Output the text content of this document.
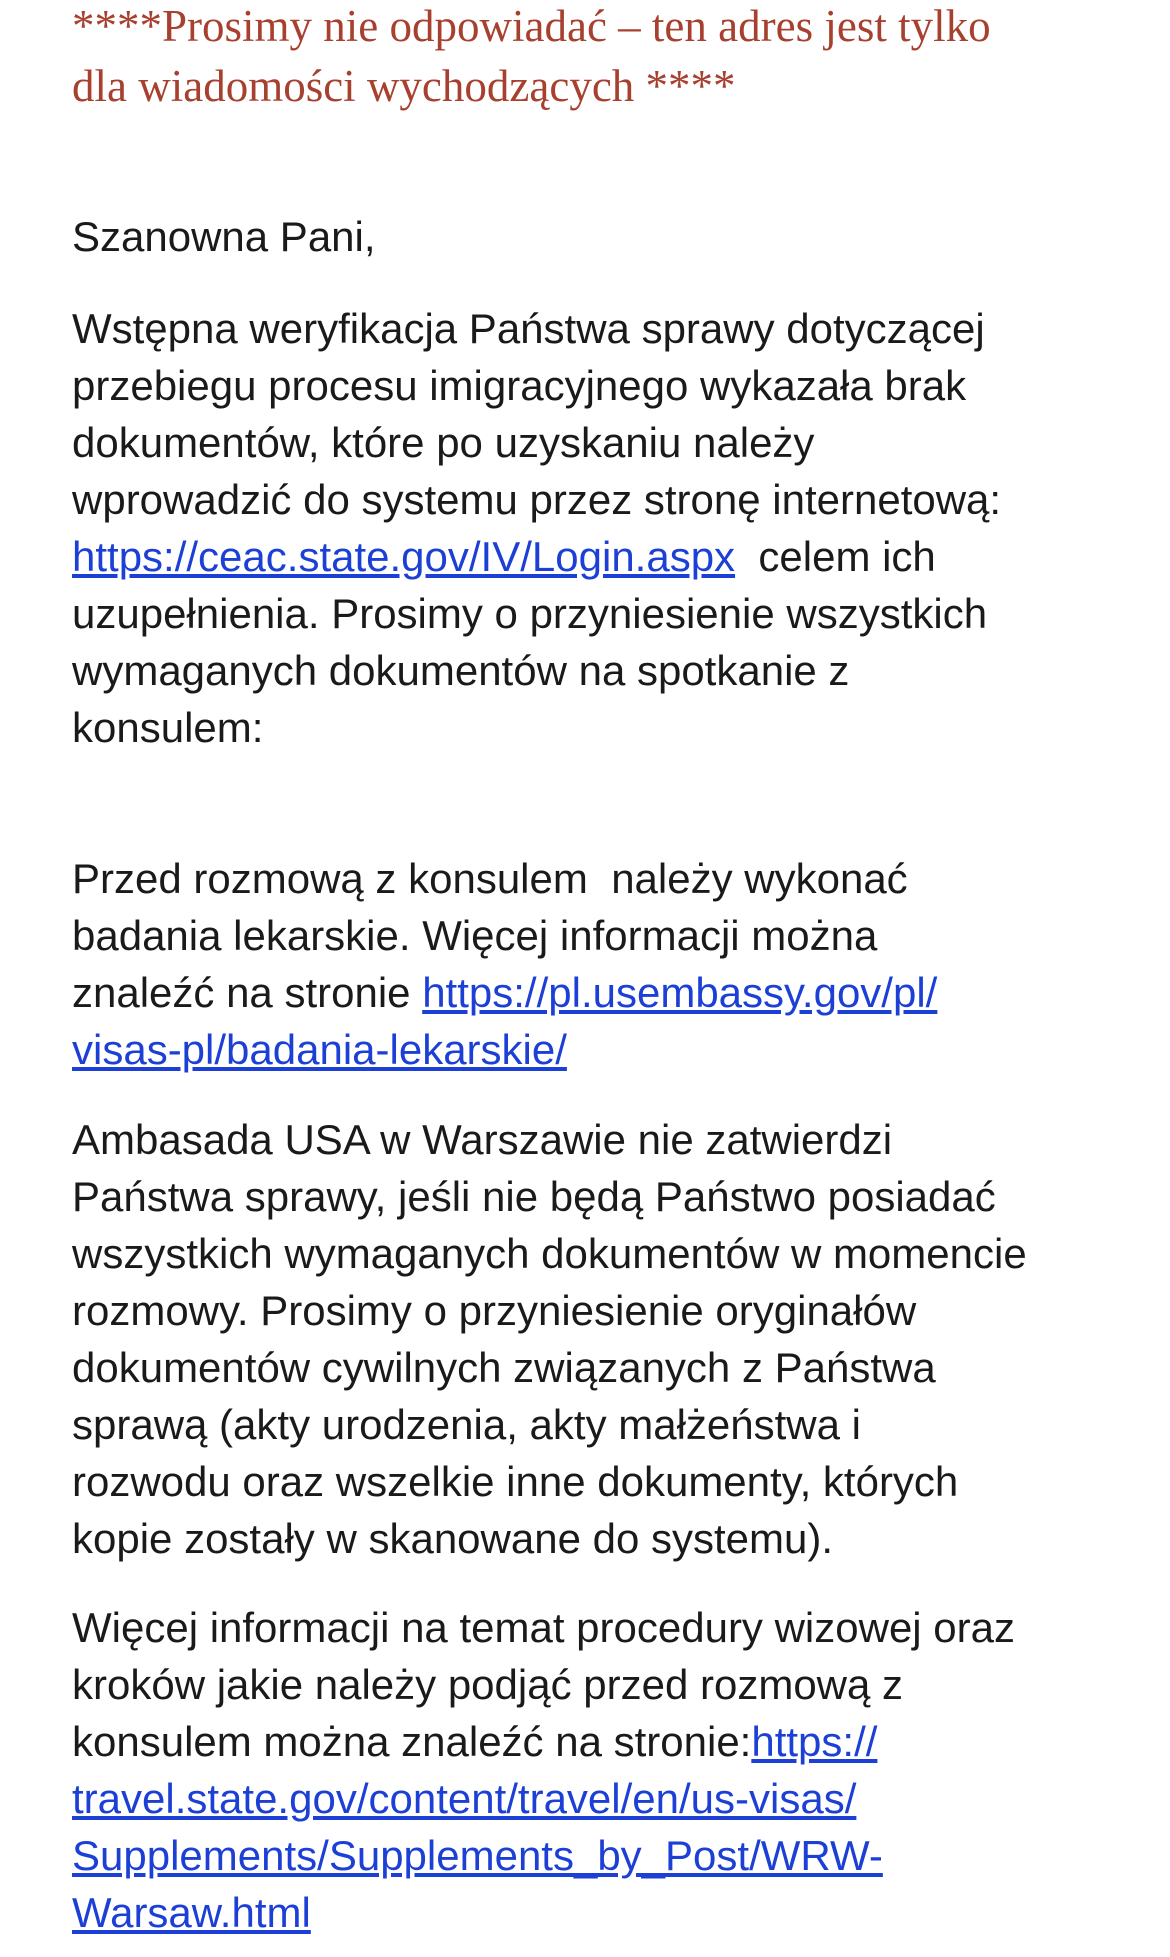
****Prosimy nie odpowiadać – ten adres jest tylko
dla wiadomości wychodzących ****

Szanowna Pani,

Wstępna weryfikacja Państwa sprawy dotyczącej
przebiegu procesu imigracyjnego wykazała brak
dokumentów, które po uzyskaniu należy
wprowadzić do systemu przez stronę internetową:
https://ceac.state.gov/IV/Login.aspx  celem ich
uzupełnienia. Prosimy o przyniesienie wszystkich
wymaganych dokumentów na spotkanie z
konsulem:

Przed rozmową z konsulem  należy wykonać
badania lekarskie. Więcej informacji można
znaleźć na stronie https://pl.usembassy.gov/pl/
visas-pl/badania-lekarskie/

Ambasada USA w Warszawie nie zatwierdzi
Państwa sprawy, jeśli nie będą Państwo posiadać
wszystkich wymaganych dokumentów w momencie
rozmowy. Prosimy o przyniesienie oryginałów
dokumentów cywilnych związanych z Państwa
sprawą (akty urodzenia, akty małżeństwa i
rozwodu oraz wszelkie inne dokumenty, których
kopie zostały w skanowane do systemu).

Więcej informacji na temat procedury wizowej oraz
kroków jakie należy podjąć przed rozmową z
konsulem można znaleźć na stronie:https://
travel.state.gov/content/travel/en/us-visas/
Supplements/Supplements_by_Post/WRW-
Warsaw.html
